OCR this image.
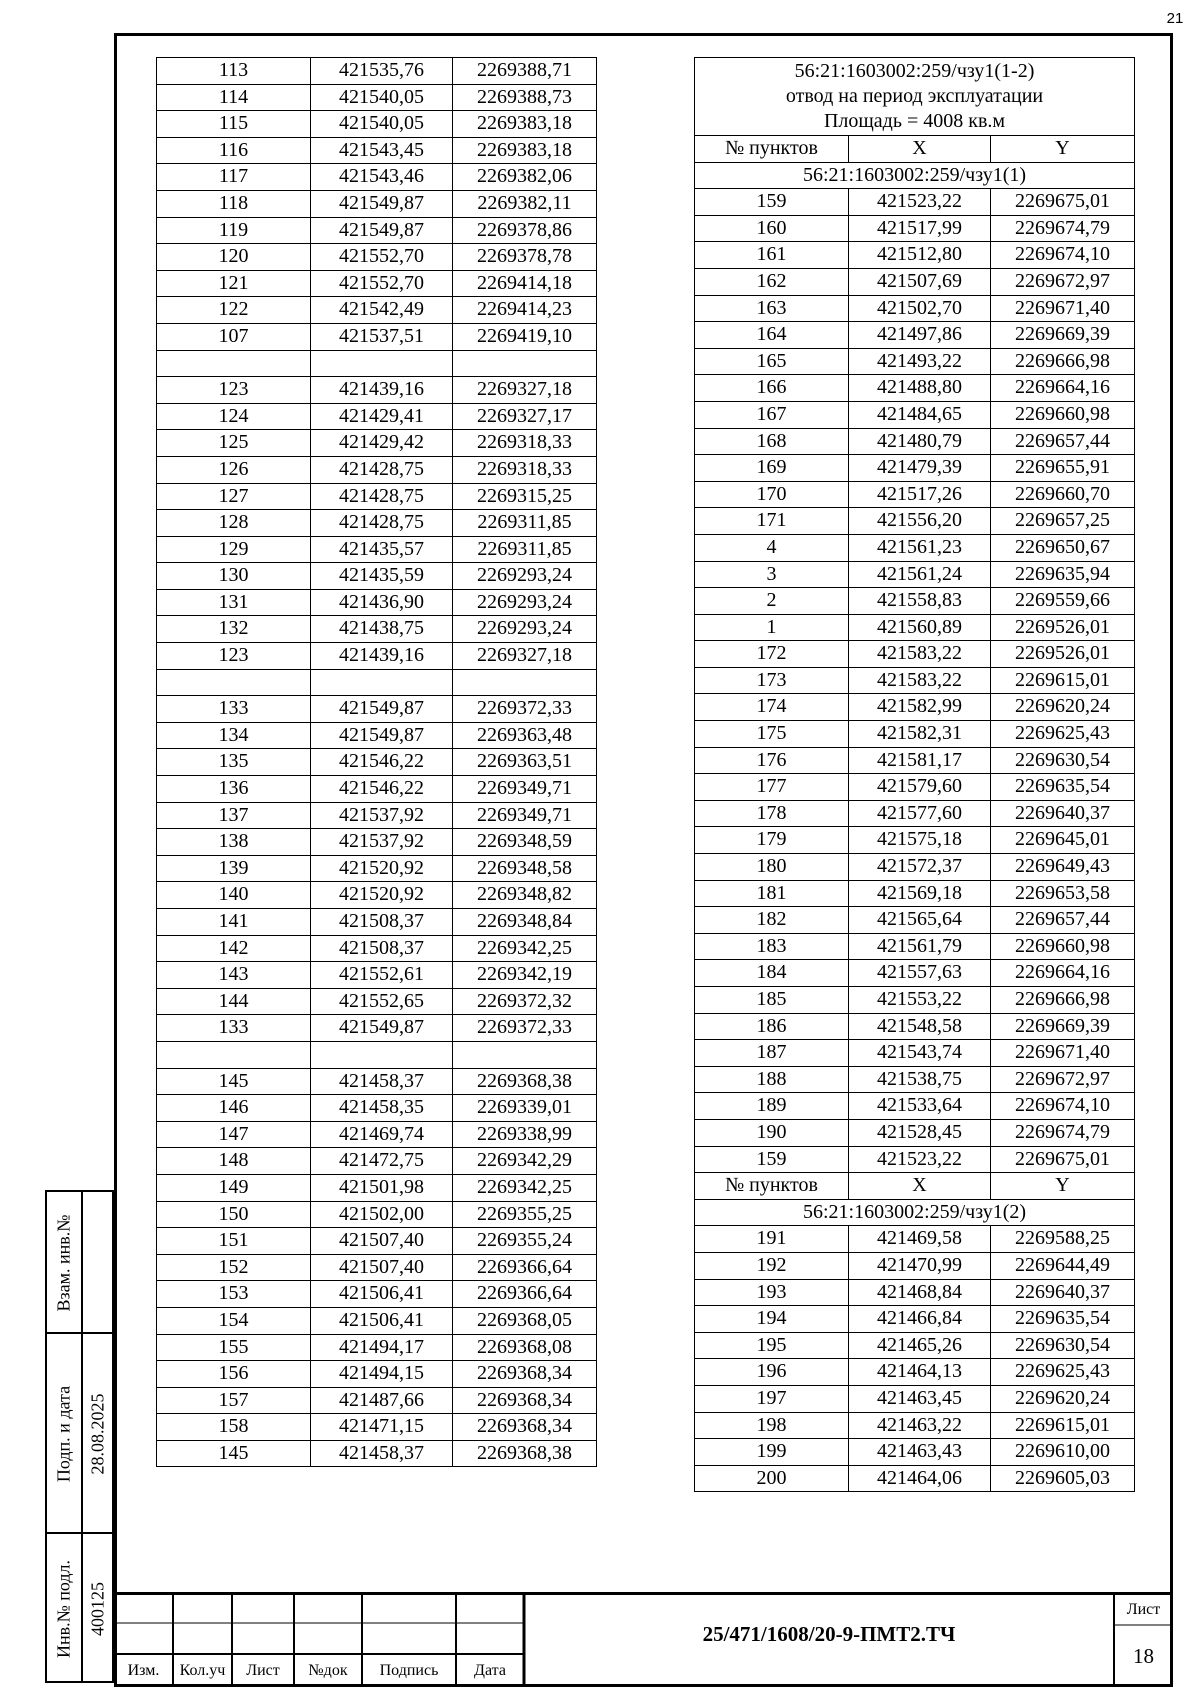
21
113	421535,76	2269388,71
114	421540,05	2269388,73
115	421540,05	2269383,18
116	421543,45	2269383,18
117	421543,46	2269382,06
118	421549,87	2269382,11
119	421549,87	2269378,86
120	421552,70	2269378,78
121	421552,70	2269414,18
122	421542,49	2269414,23
107	421537,51	2269419,10

123	421439,16	2269327,18
124	421429,41	2269327,17
125	421429,42	2269318,33
126	421428,75	2269318,33
127	421428,75	2269315,25
128	421428,75	2269311,85
129	421435,57	2269311,85
130	421435,59	2269293,24
131	421436,90	2269293,24
132	421438,75	2269293,24
123	421439,16	2269327,18

133	421549,87	2269372,33
134	421549,87	2269363,48
135	421546,22	2269363,51
136	421546,22	2269349,71
137	421537,92	2269349,71
138	421537,92	2269348,59
139	421520,92	2269348,58
140	421520,92	2269348,82
141	421508,37	2269348,84
142	421508,37	2269342,25
143	421552,61	2269342,19
144	421552,65	2269372,32
133	421549,87	2269372,33

145	421458,37	2269368,38
146	421458,35	2269339,01
147	421469,74	2269338,99
148	421472,75	2269342,29
149	421501,98	2269342,25
150	421502,00	2269355,25
151	421507,40	2269355,24
152	421507,40	2269366,64
153	421506,41	2269366,64
154	421506,41	2269368,05
155	421494,17	2269368,08
156	421494,15	2269368,34
157	421487,66	2269368,34
158	421471,15	2269368,34
145	421458,37	2269368,38
56:21:1603002:259/чзу1(1-2)
отвод на период эксплуатации
Площадь = 4008 кв.м		

№ пунктов	X	Y
56:21:1603002:259/чзу1(1)		
159	421523,22	2269675,01
160	421517,99	2269674,79
161	421512,80	2269674,10
162	421507,69	2269672,97
163	421502,70	2269671,40
164	421497,86	2269669,39
165	421493,22	2269666,98
166	421488,80	2269664,16
167	421484,65	2269660,98
168	421480,79	2269657,44
169	421479,39	2269655,91
170	421517,26	2269660,70
171	421556,20	2269657,25
4	421561,23	2269650,67
3	421561,24	2269635,94
2	421558,83	2269559,66
1	421560,89	2269526,01
172	421583,22	2269526,01
173	421583,22	2269615,01
174	421582,99	2269620,24
175	421582,31	2269625,43
176	421581,17	2269630,54
177	421579,60	2269635,54
178	421577,60	2269640,37
179	421575,18	2269645,01
180	421572,37	2269649,43
181	421569,18	2269653,58
182	421565,64	2269657,44
183	421561,79	2269660,98
184	421557,63	2269664,16
185	421553,22	2269666,98
186	421548,58	2269669,39
187	421543,74	2269671,40
188	421538,75	2269672,97
189	421533,64	2269674,10
190	421528,45	2269674,79
159	421523,22	2269675,01
№ пунктов	X	Y
56:21:1603002:259/чзу1(2)		
191	421469,58	2269588,25
192	421470,99	2269644,49
193	421468,84	2269640,37
194	421466,84	2269635,54
195	421465,26	2269630,54
196	421464,13	2269625,43
197	421463,45	2269620,24
198	421463,22	2269615,01
199	421463,43	2269610,00
200	421464,06	2269605,03
Взам. инв.№
Подп. и дата
Инв.№ подл.
28.08.2025
400125
Изм.	Кол.уч	Лист	№док	Подпись	Дата
25/471/1608/20-9-ПМТ2.ТЧ
Лист
18
